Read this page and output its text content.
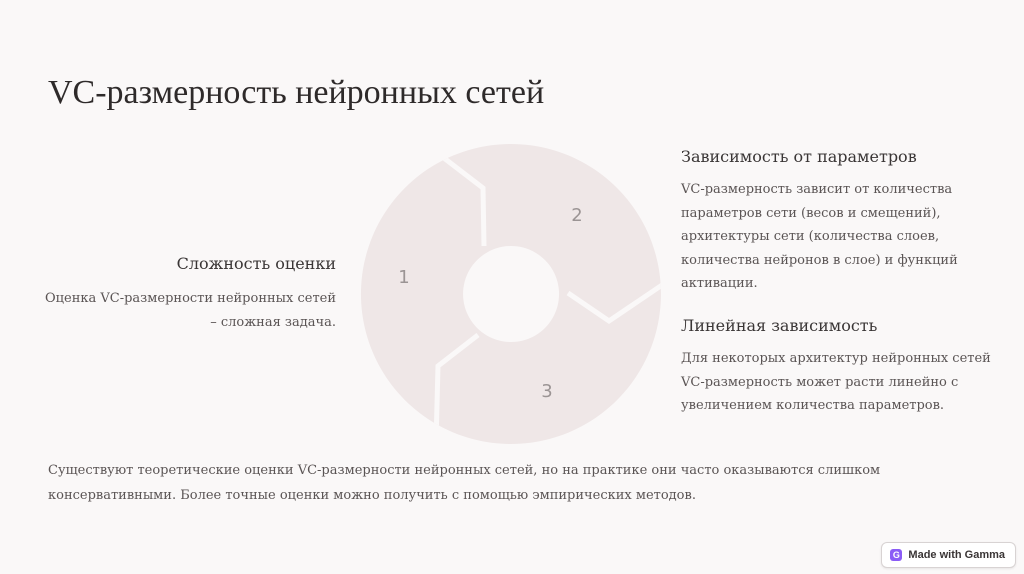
VC-размерность нейронных сетей
1
2
3
Сложность оценки
Оценка VC-размерности нейронных сетей – сложная задача.
Зависимость от параметров
VC-размерность зависит от количества параметров сети (весов и смещений), архитектуры сети (количества слоев, количества нейронов в слое) и функций активации.
Линейная зависимость
Для некоторых архитектур нейронных сетей VC-размерность может расти линейно с увеличением количества параметров.
Существуют теоретические оценки VC-размерности нейронных сетей, но на практике они часто оказываются слишком консервативными. Более точные оценки можно получить с помощью эмпирических методов.
G Made with Gamma
